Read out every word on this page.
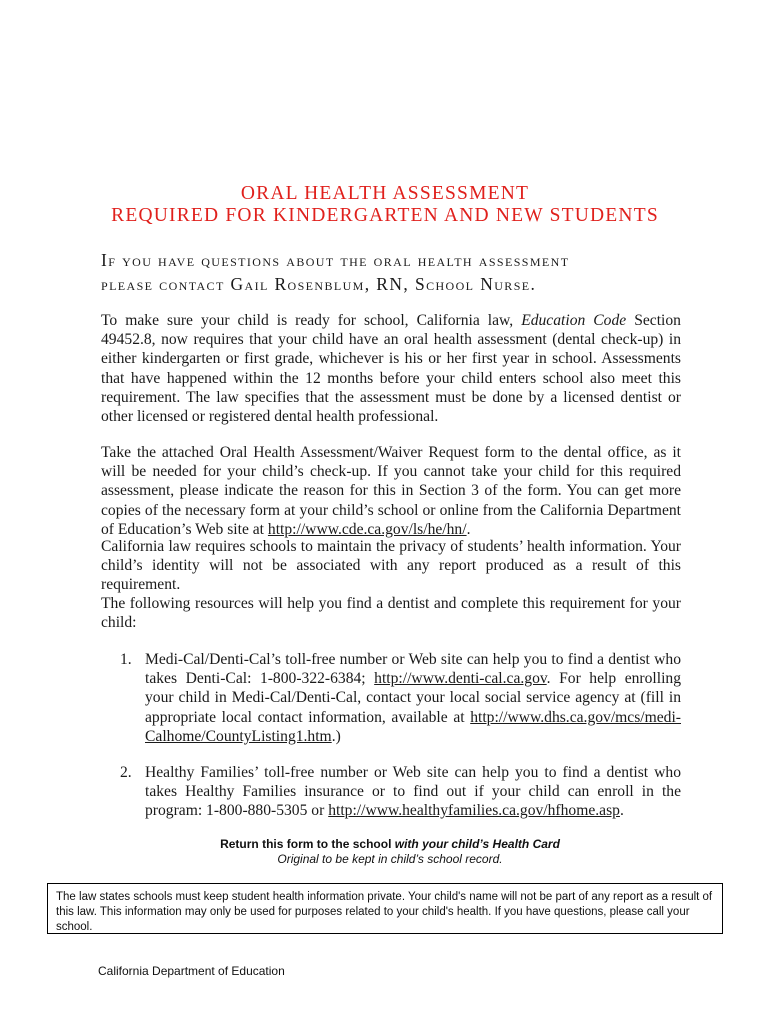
ORAL HEALTH ASSESSMENT
REQUIRED FOR KINDERGARTEN AND NEW STUDENTS
If you have questions about the oral health assessment
please contact Gail Rosenblum, RN, School Nurse.
To make sure your child is ready for school, California law, Education Code Section 49452.8, now requires that your child have an oral health assessment (dental check-up) in either kindergarten or first grade, whichever is his or her first year in school. Assessments that have happened within the 12 months before your child enters school also meet this requirement. The law specifies that the assessment must be done by a licensed dentist or other licensed or registered dental health professional.
Take the attached Oral Health Assessment/Waiver Request form to the dental office, as it will be needed for your child’s check-up. If you cannot take your child for this required assessment, please indicate the reason for this in Section 3 of the form. You can get more copies of the necessary form at your child’s school or online from the California Department of Education’s Web site at http://www.cde.ca.gov/ls/he/hn/.
California law requires schools to maintain the privacy of students’ health information. Your child’s identity will not be associated with any report produced as a result of this requirement.
The following resources will help you find a dentist and complete this requirement for your child:
1. Medi-Cal/Denti-Cal’s toll-free number or Web site can help you to find a dentist who takes Denti-Cal: 1-800-322-6384; http://www.denti-cal.ca.gov. For help enrolling your child in Medi-Cal/Denti-Cal, contact your local social service agency at (fill in appropriate local contact information, available at http://www.dhs.ca.gov/mcs/medi-Calhome/CountyListing1.htm.)
2. Healthy Families’ toll-free number or Web site can help you to find a dentist who takes Healthy Families insurance or to find out if your child can enroll in the program: 1-800-880-5305 or http://www.healthyfamilies.ca.gov/hfhome.asp.
Return this form to the school with your child’s Health Card
Original to be kept in child’s school record.
The law states schools must keep student health information private. Your child's name will not be part of any report as a result of this law. This information may only be used for purposes related to your child's health. If you have questions, please call your school.
California Department of Education
